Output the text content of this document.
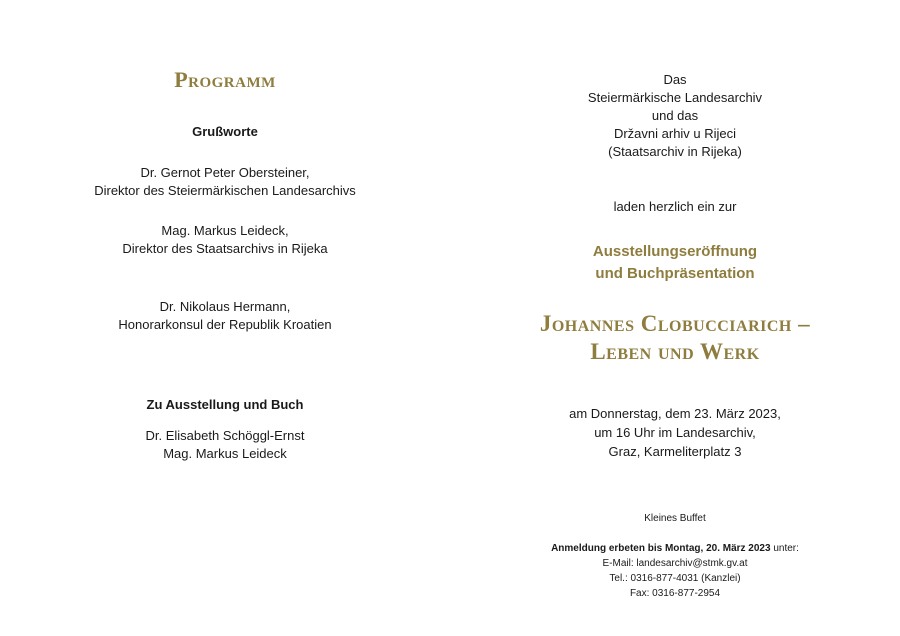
Programm
Grußworte
Dr. Gernot Peter Obersteiner,
Direktor des Steiermärkischen Landesarchivs
Mag. Markus Leideck,
Direktor des Staatsarchivs in Rijeka
Dr. Nikolaus Hermann,
Honorarkonsul der Republik Kroatien
Zu Ausstellung und Buch
Dr. Elisabeth Schöggl-Ernst
Mag. Markus Leideck
Das
Steiermärkische Landesarchiv
und das
Državni arhiv u Rijeci
(Staatsarchiv in Rijeka)
laden herzlich ein zur
Ausstellungseröffnung
und Buchpräsentation
Johannes Clobucciarich –
Leben und Werk
am Donnerstag, dem 23. März 2023,
um 16 Uhr im Landesarchiv,
Graz, Karmeliterplatz 3
Kleines Buffet
Anmeldung erbeten bis Montag, 20. März 2023 unter:
E-Mail: landesarchiv@stmk.gv.at
Tel.: 0316-877-4031 (Kanzlei)
Fax: 0316-877-2954
